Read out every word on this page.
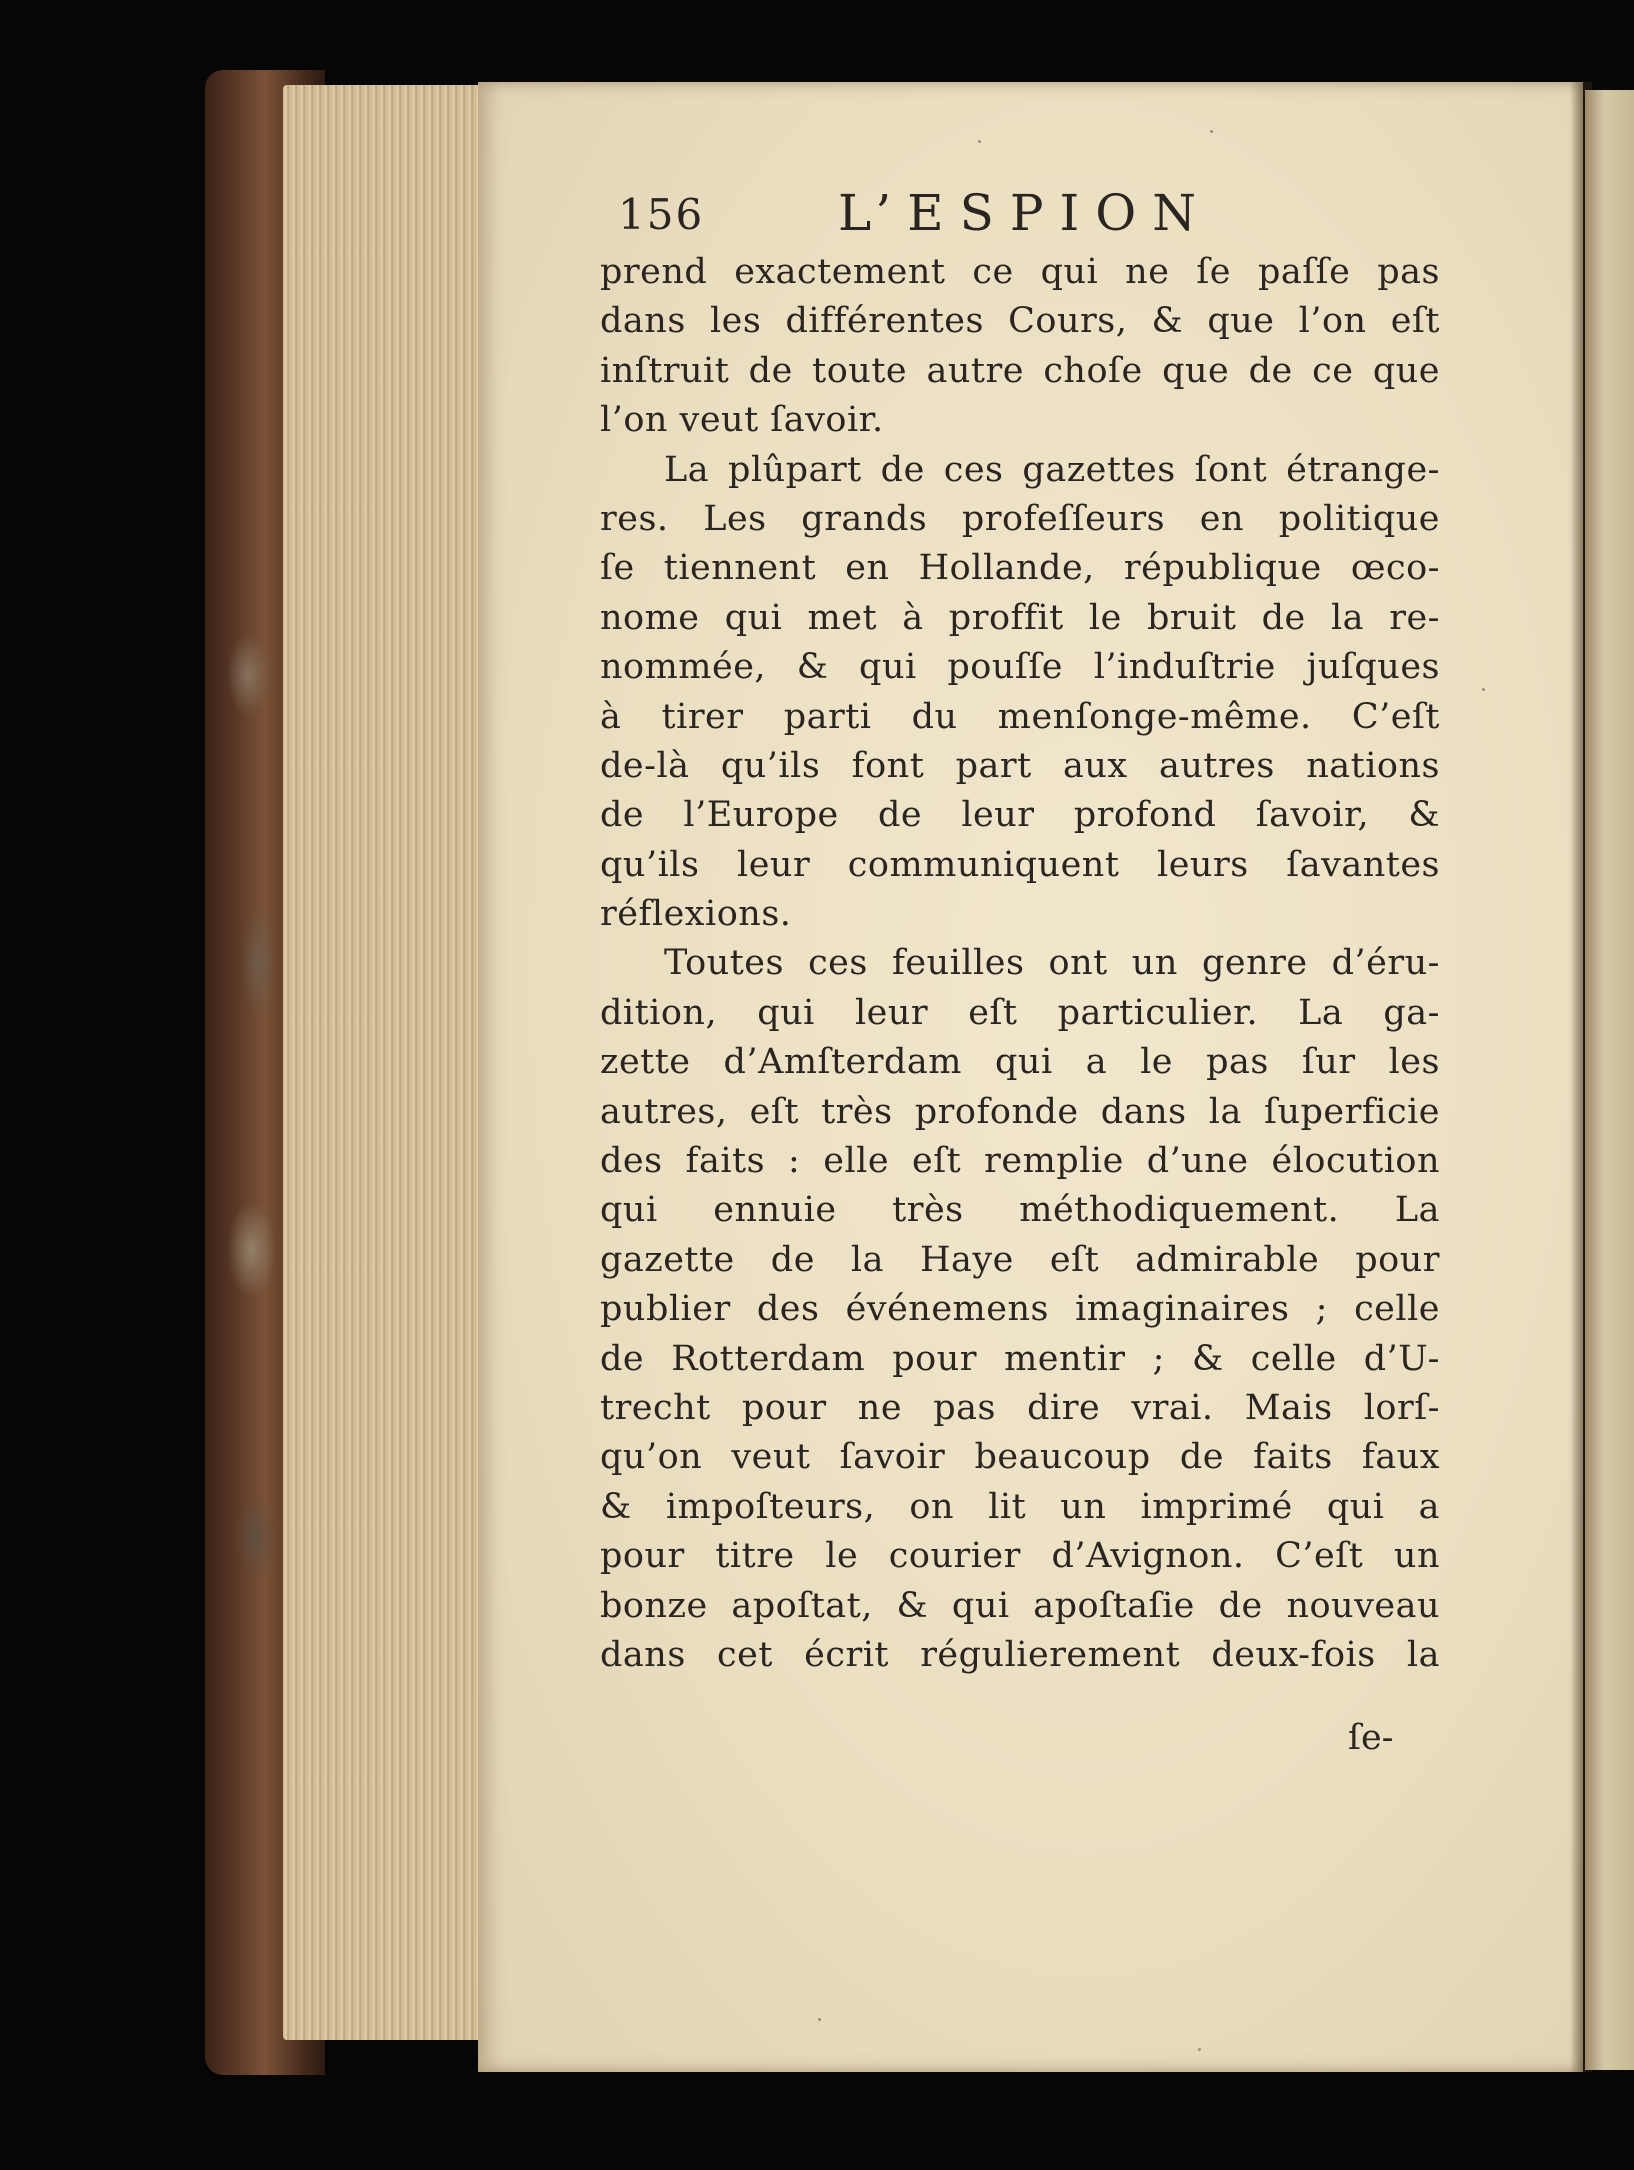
156	L’ESPION
prend exactement ce qui ne ſe paſſe pas
dans les différentes Cours, & que l’on eſt
inſtruit de toute autre choſe que de ce que
l’on veut ſavoir.
La plûpart de ces gazettes ſont étrange-
res. Les grands profeſſeurs en politique
ſe tiennent en Hollande, république œco-
nome qui met à proffit le bruit de la re-
nommée, & qui pouſſe l’induſtrie juſques
à tirer parti du menſonge-même. C’eſt
de-là qu’ils font part aux autres nations
de l’Europe de leur profond ſavoir, &
qu’ils leur communiquent leurs ſavantes
réflexions.
Toutes ces feuilles ont un genre d’éru-
dition, qui leur eſt particulier. La ga-
zette d’Amſterdam qui a le pas ſur les
autres, eſt très profonde dans la ſuperficie
des faits : elle eſt remplie d’une élocution
qui ennuie très méthodiquement. La
gazette de la Haye eſt admirable pour
publier des événemens imaginaires ; celle
de Rotterdam pour mentir ; & celle d’U-
trecht pour ne pas dire vrai. Mais lorſ-
qu’on veut ſavoir beaucoup de faits faux
& impoſteurs, on lit un imprimé qui a
pour titre le courier d’Avignon. C’eſt un
bonze apoſtat, & qui apoſtaſie de nouveau
dans cet écrit régulierement deux-fois la
ſe-
